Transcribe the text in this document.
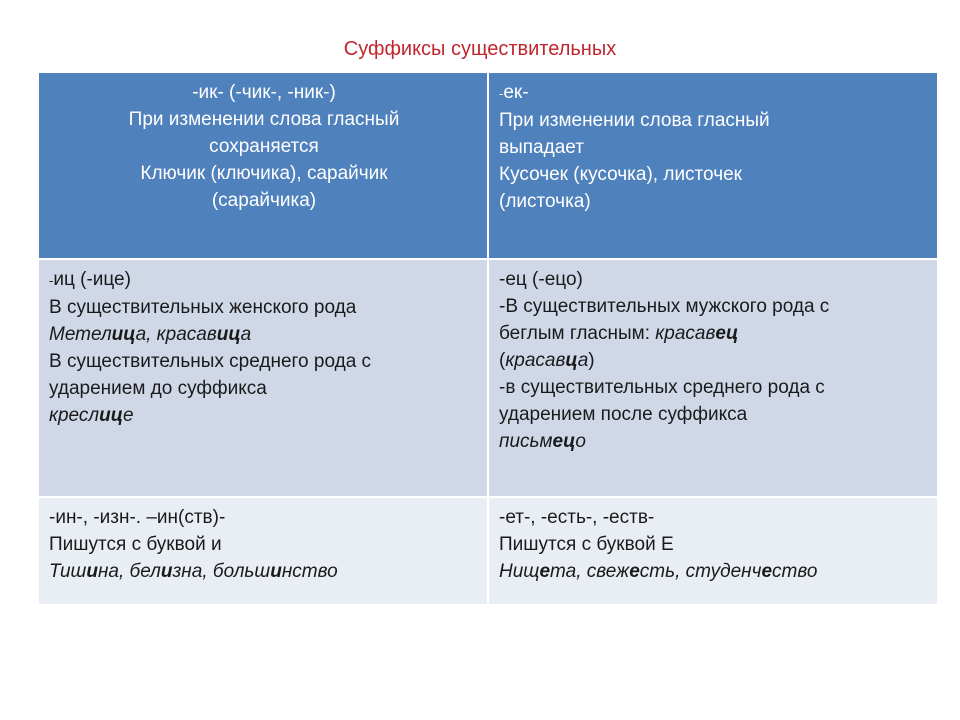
Суффиксы существительных
-ик- (-чик-, -ник-)
При изменении слова гласный
сохраняется
Ключик (ключика), сарайчик
(сарайчика)
-ек-
При изменении слова гласный
выпадает
Кусочек (кусочка), листочек
(листочка)
-иц (-ице)
В существительных женского рода
Метелица, красавица
В существительных среднего рода с
ударением до суффикса
креслице
-ец (-ецо)
-В существительных мужского рода с
беглым гласным: красавец
(красавца)
-в существительных среднего рода с
ударением после суффикса
письмецо
-ин-, -изн-. –ин(ств)-
Пишутся с буквой и
Тишина, белизна, большинство
-ет-, -есть-, -еств-
Пишутся с буквой Е
Нищета, свежесть, студенчество
